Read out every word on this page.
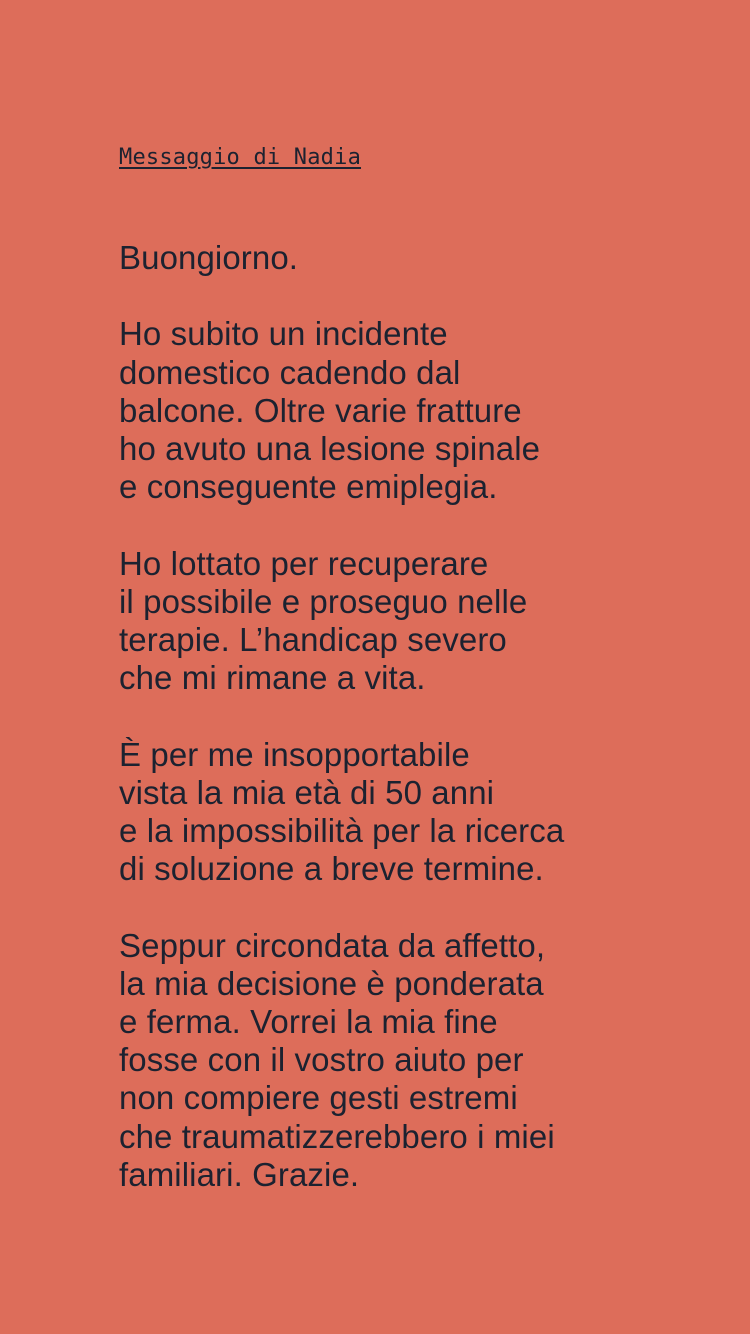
Messaggio di Nadia

Buongiorno.

Ho subito un incidente
domestico cadendo dal
balcone. Oltre varie fratture
ho avuto una lesione spinale
e conseguente emiplegia.

Ho lottato per recuperare
il possibile e proseguo nelle
terapie. L’handicap severo
che mi rimane a vita.

È per me insopportabile
vista la mia età di 50 anni
e la impossibilità per la ricerca
di soluzione a breve termine.

Seppur circondata da affetto,
la mia decisione è ponderata
e ferma. Vorrei la mia fine
fosse con il vostro aiuto per
non compiere gesti estremi
che traumatizzerebbero i miei
familiari. Grazie.
